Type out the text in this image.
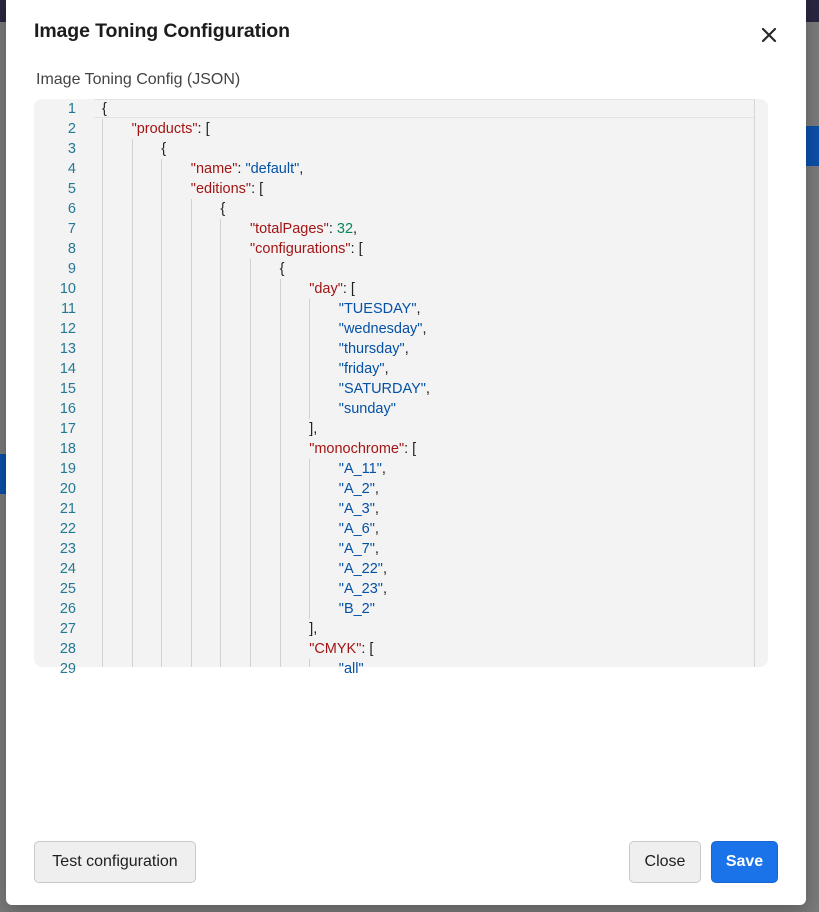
Image Toning Configuration
Image Toning Config (JSON)
1
2
3
4
5
6
7
8
9
10
11
12
13
14
15
16
17
18
19
20
21
22
23
24
25
26
27
28
29
{
"products": [
{
"name": "default",
"editions": [
{
"totalPages": 32,
"configurations": [
{
"day": [
"TUESDAY",
"wednesday",
"thursday",
"friday",
"SATURDAY",
"sunday"
],
"monochrome": [
"A_11",
"A_2",
"A_3",
"A_6",
"A_7",
"A_22",
"A_23",
"B_2"
],
"CMYK": [
"all"
Test configuration	Close	Save
